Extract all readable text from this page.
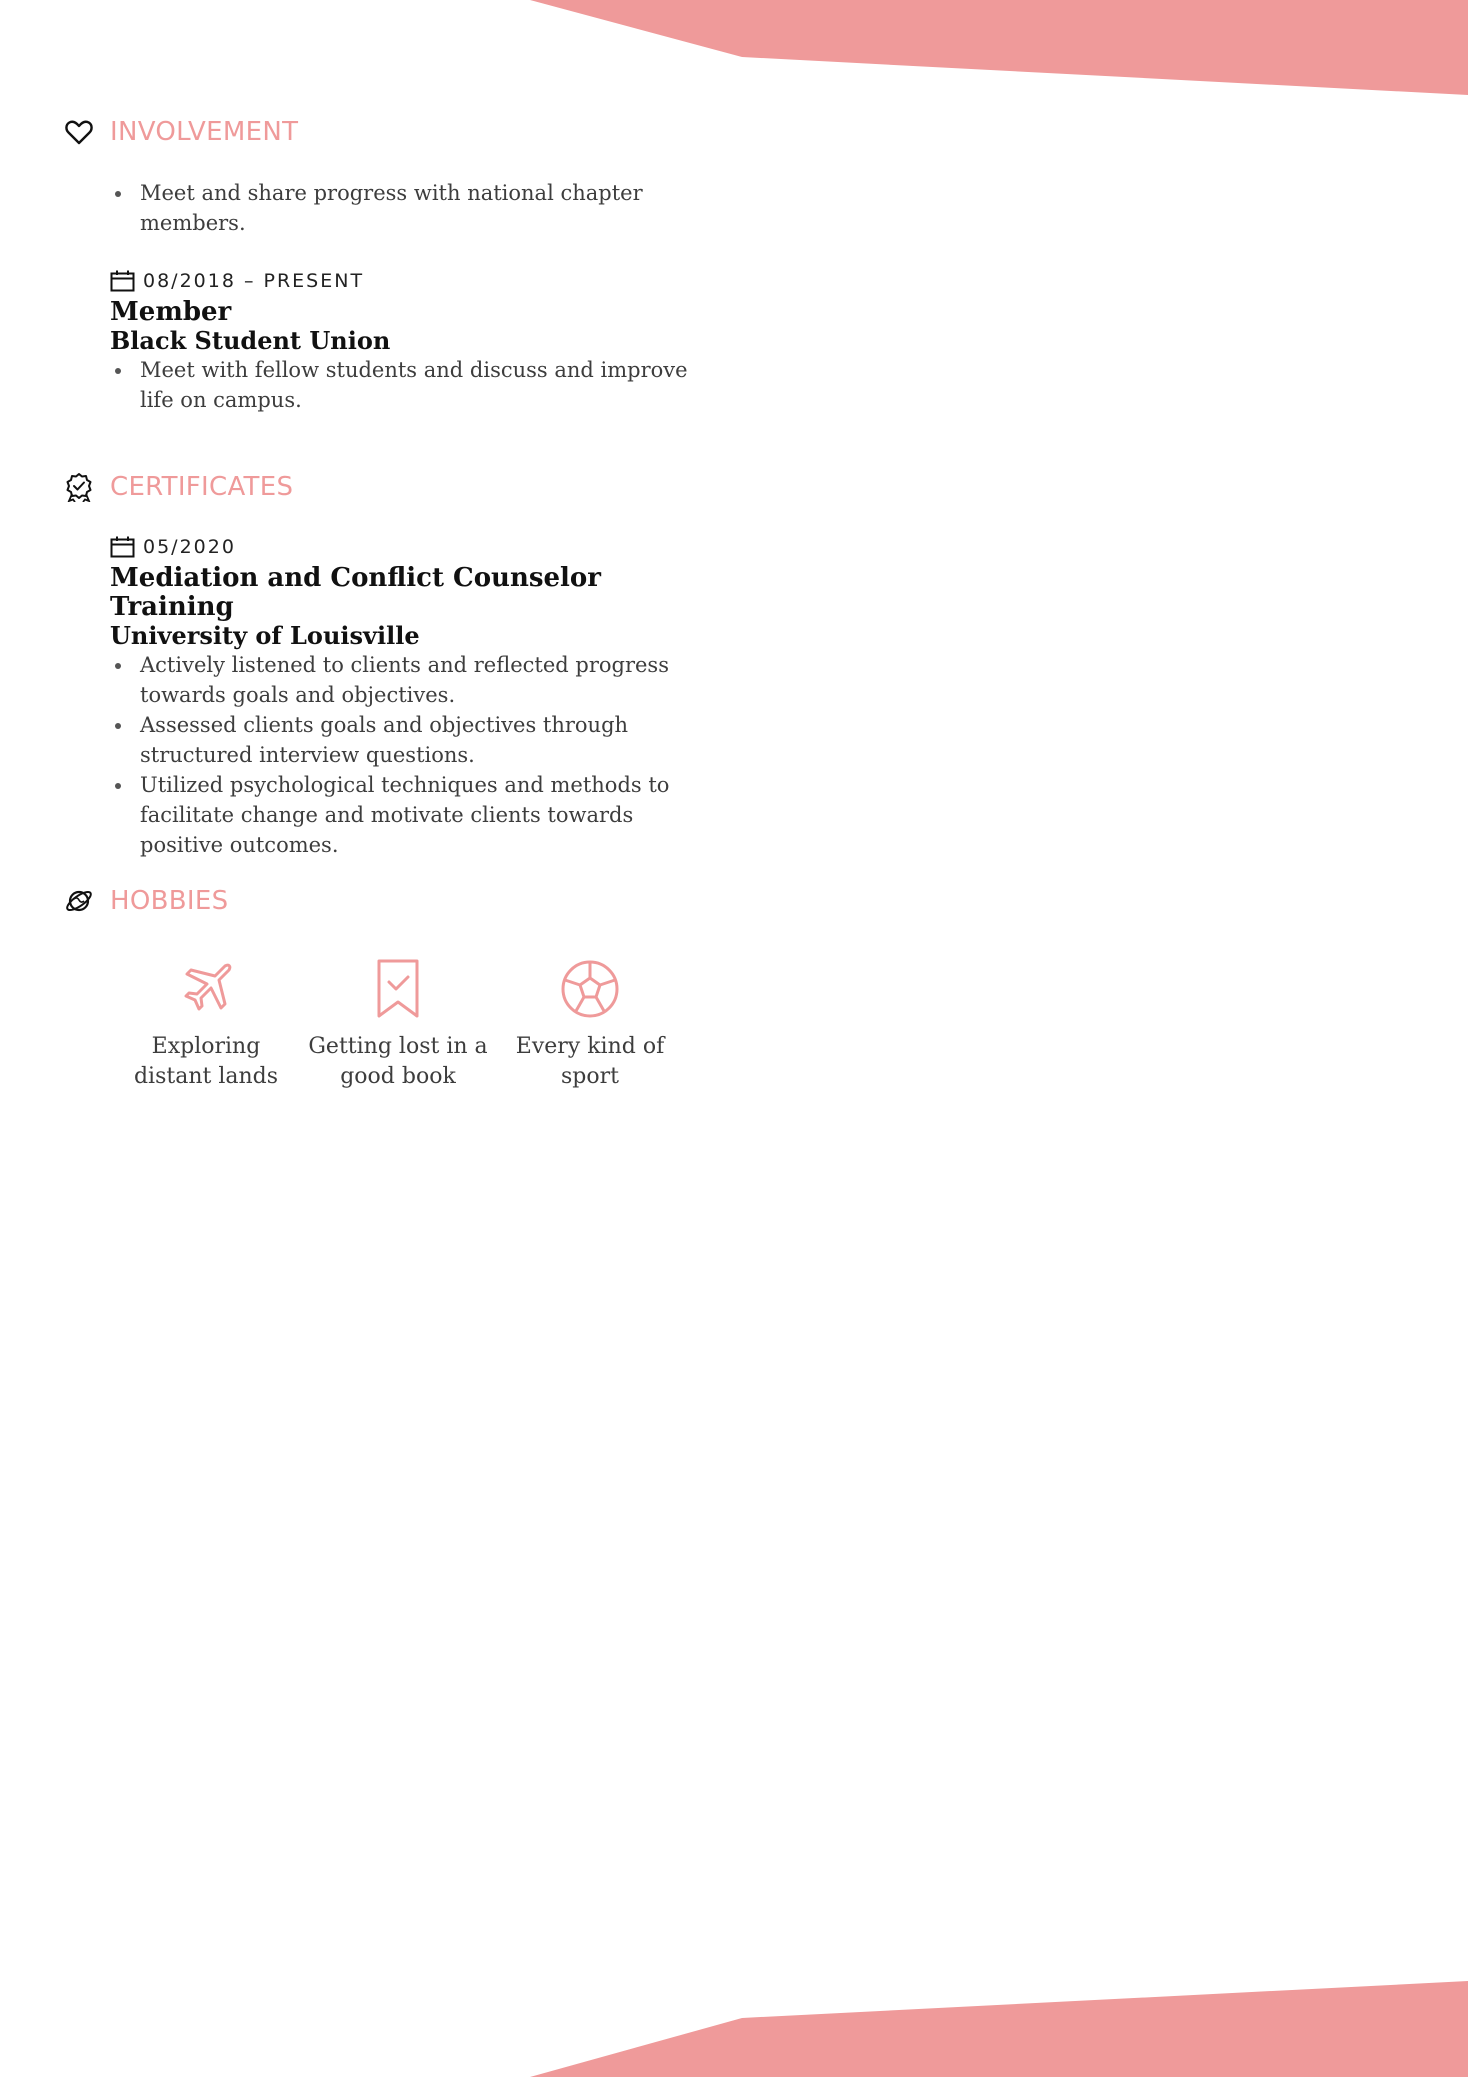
INVOLVEMENT
Meet and share progress with national chapter members.
08/2018 – PRESENT
Member
Black Student Union
Meet with fellow students and discuss and improve life on campus.
CERTIFICATES
05/2020
Mediation and Conflict Counselor Training
University of Louisville
Actively listened to clients and reflected progress towards goals and objectives.
Assessed clients goals and objectives through structured interview questions.
Utilized psychological techniques and methods to facilitate change and motivate clients towards positive outcomes.
HOBBIES
Exploring distant lands
Getting lost in a good book
Every kind of sport
